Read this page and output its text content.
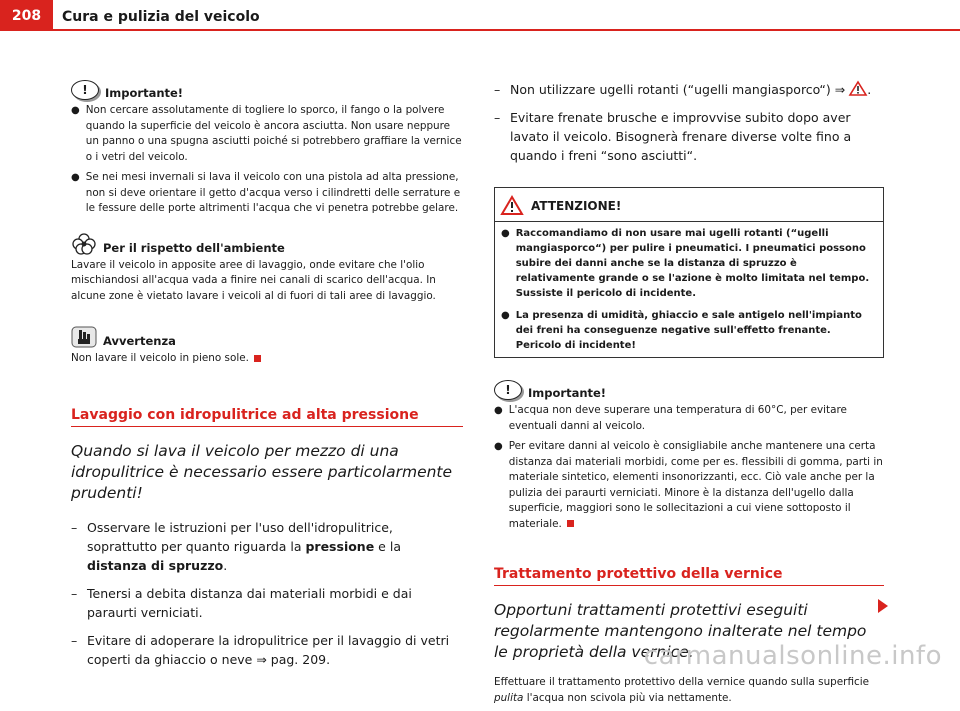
208	Cura e pulizia del veicolo
!	Importante!
● Non cercare assolutamente di togliere lo sporco, il fango o la polvere quando la superficie del veicolo è ancora asciutta. Non usare neppure un panno o una spugna asciutti poiché si potrebbero graffiare la vernice o i vetri del veicolo.
● Se nei mesi invernali si lava il veicolo con una pistola ad alta pressione, non si deve orientare il getto d'acqua verso i cilindretti delle serrature e le fessure delle porte altrimenti l'acqua che vi penetra potrebbe gelare.
Per il rispetto dell'ambiente
Lavare il veicolo in apposite aree di lavaggio, onde evitare che l'olio mischiandosi all'acqua vada a finire nei canali di scarico dell'acqua. In alcune zone è vietato lavare i veicoli al di fuori di tali aree di lavaggio.
Avvertenza
Non lavare il veicolo in pieno sole.
Lavaggio con idropulitrice ad alta pressione
Quando si lava il veicolo per mezzo di una idropulitrice è necessario essere particolarmente prudenti!
– Osservare le istruzioni per l'uso dell'idropulitrice, soprattutto per quanto riguarda la pressione e la distanza di spruzzo.
– Tenersi a debita distanza dai materiali morbidi e dai paraurti verniciati.
– Evitare di adoperare la idropulitrice per il lavaggio di vetri coperti da ghiaccio o neve ⇒ pag. 209.
– Non utilizzare ugelli rotanti (“ugelli mangiasporco“) ⇒ .
– Evitare frenate brusche e improvvise subito dopo aver lavato il veicolo. Bisognerà frenare diverse volte fino a quando i freni “sono asciutti“.
ATTENZIONE!
● Raccomandiamo di non usare mai ugelli rotanti (“ugelli mangiasporco“) per pulire i pneumatici. I pneumatici possono subire dei danni anche se la distanza di spruzzo è relativamente grande o se l'azione è molto limitata nel tempo. Sussiste il pericolo di incidente.
● La presenza di umidità, ghiaccio e sale antigelo nell'impianto dei freni ha conseguenze negative sull'effetto frenante. Pericolo di incidente!
!	Importante!
● L'acqua non deve superare una temperatura di 60°C, per evitare eventuali danni al veicolo.
● Per evitare danni al veicolo è consigliabile anche mantenere una certa distanza dai materiali morbidi, come per es. flessibili di gomma, parti in materiale sintetico, elementi insonorizzanti, ecc. Ciò vale anche per la pulizia dei paraurti verniciati. Minore è la distanza dell'ugello dalla superficie, maggiori sono le sollecitazioni a cui viene sottoposto il materiale.
Trattamento protettivo della vernice
Opportuni trattamenti protettivi eseguiti regolarmente mantengono inalterate nel tempo le proprietà della vernice.
Effettuare il trattamento protettivo della vernice quando sulla superficie pulita l'acqua non scivola più via nettamente.
carmanualsonline.info
